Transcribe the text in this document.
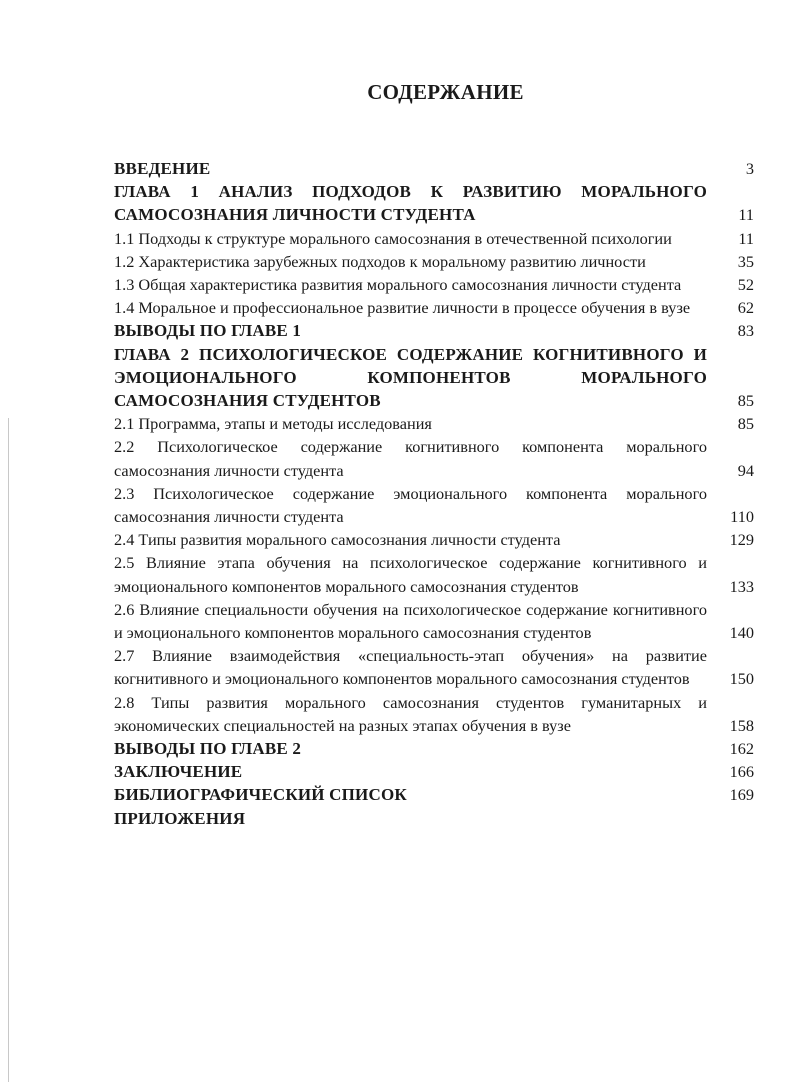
СОДЕРЖАНИЕ
ВВЕДЕНИЕ	3
ГЛАВА 1 АНАЛИЗ ПОДХОДОВ К РАЗВИТИЮ МОРАЛЬНОГО САМОСОЗНАНИЯ ЛИЧНОСТИ СТУДЕНТА	11
1.1 Подходы к структуре морального самосознания в отечественной психологии	11
1.2 Характеристика зарубежных подходов к моральному развитию личности	35
1.3 Общая характеристика развития морального самосознания личности студента	52
1.4 Моральное и профессиональное развитие личности в процессе обучения в вузе	62
ВЫВОДЫ ПО ГЛАВЕ 1	83
ГЛАВА 2 ПСИХОЛОГИЧЕСКОЕ СОДЕРЖАНИЕ КОГНИТИВНОГО И ЭМОЦИОНАЛЬНОГО КОМПОНЕНТОВ МОРАЛЬНОГО САМОСОЗНАНИЯ СТУДЕНТОВ	85
2.1 Программа, этапы и методы исследования	85
2.2 Психологическое содержание когнитивного компонента морального самосознания личности студента	94
2.3 Психологическое содержание эмоционального компонента морального самосознания личности студента	110
2.4 Типы развития морального самосознания личности студента	129
2.5 Влияние этапа обучения на психологическое содержание когнитивного и эмоционального компонентов морального самосознания студентов	133
2.6 Влияние специальности обучения на психологическое содержание когнитивного и эмоционального компонентов морального самосознания студентов	140
2.7 Влияние взаимодействия «специальность-этап обучения» на развитие когнитивного и эмоционального компонентов морального самосознания студентов	150
2.8 Типы развития морального самосознания студентов гуманитарных и экономических специальностей на разных этапах обучения в вузе	158
ВЫВОДЫ ПО ГЛАВЕ 2	162
ЗАКЛЮЧЕНИЕ	166
БИБЛИОГРАФИЧЕСКИЙ СПИСОК	169
ПРИЛОЖЕНИЯ
